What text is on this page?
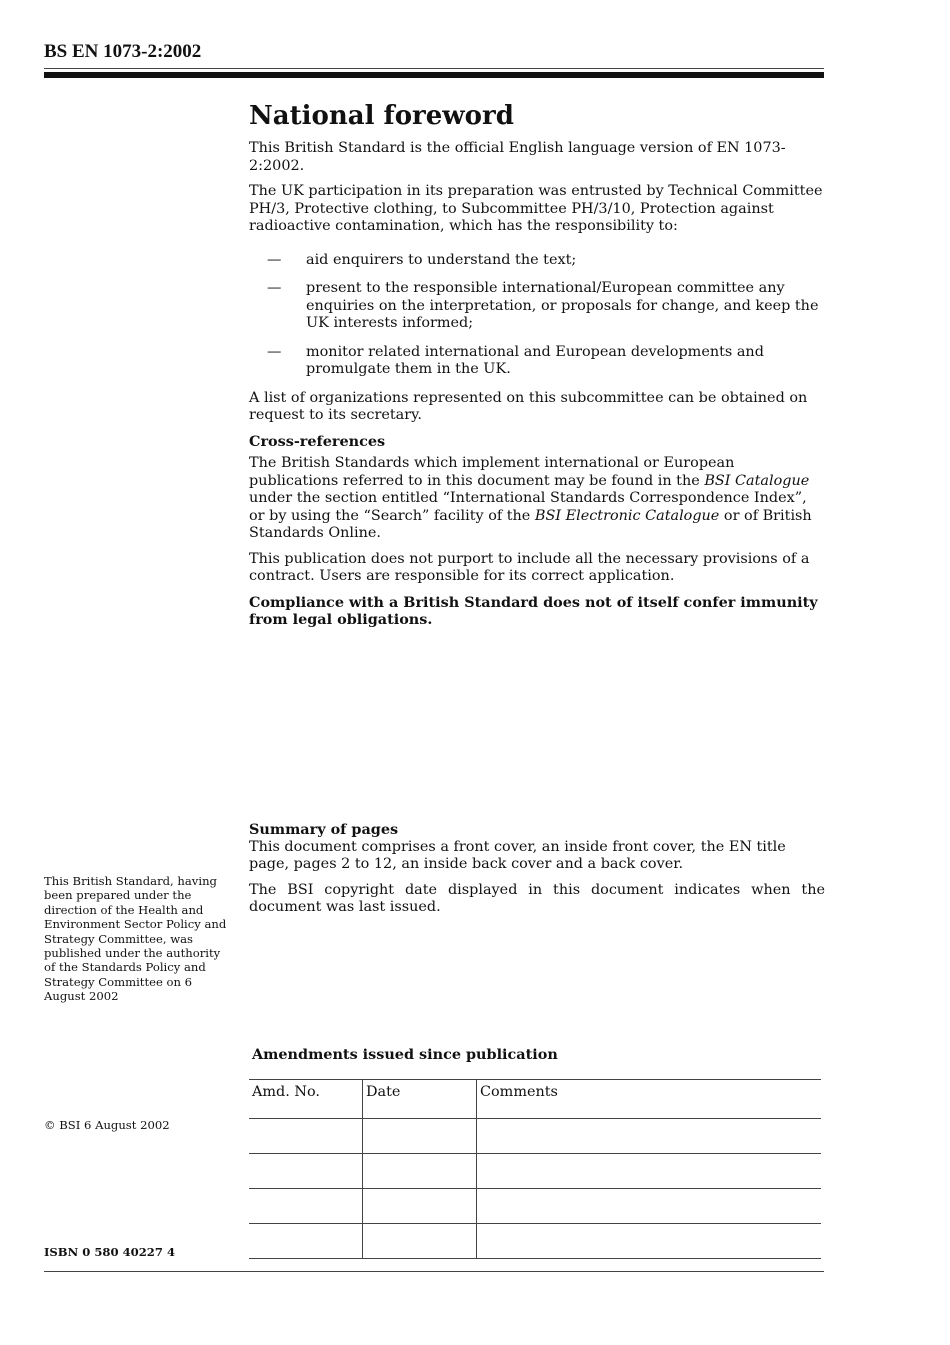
BS EN 1073-2:2002
National foreword

This British Standard is the official English language version of EN 1073-2:2002.

The UK participation in its preparation was entrusted by Technical Committee PH/3, Protective clothing, to Subcommittee PH/3/10, Protection against radioactive contamination, which has the responsibility to:

— aid enquirers to understand the text;
— present to the responsible international/European committee any enquiries on the interpretation, or proposals for change, and keep the UK interests informed;
— monitor related international and European developments and promulgate them in the UK.

A list of organizations represented on this subcommittee can be obtained on request to its secretary.

Cross-references

The British Standards which implement international or European publications referred to in this document may be found in the BSI Catalogue under the section entitled “International Standards Correspondence Index”, or by using the “Search” facility of the BSI Electronic Catalogue or of British Standards Online.

This publication does not purport to include all the necessary provisions of a contract. Users are responsible for its correct application.

Compliance with a British Standard does not of itself confer immunity from legal obligations.

Summary of pages

This document comprises a front cover, an inside front cover, the EN title page, pages 2 to 12, an inside back cover and a back cover.

The BSI copyright date displayed in this document indicates when the document was last issued.

This British Standard, having been prepared under the direction of the Health and Environment Sector Policy and Strategy Committee, was published under the authority of the Standards Policy and Strategy Committee on 6 August 2002
© BSI 6 August 2002
ISBN 0 580 40227 4
Amendments issued since publication
Amd. No.	Date	Comments
